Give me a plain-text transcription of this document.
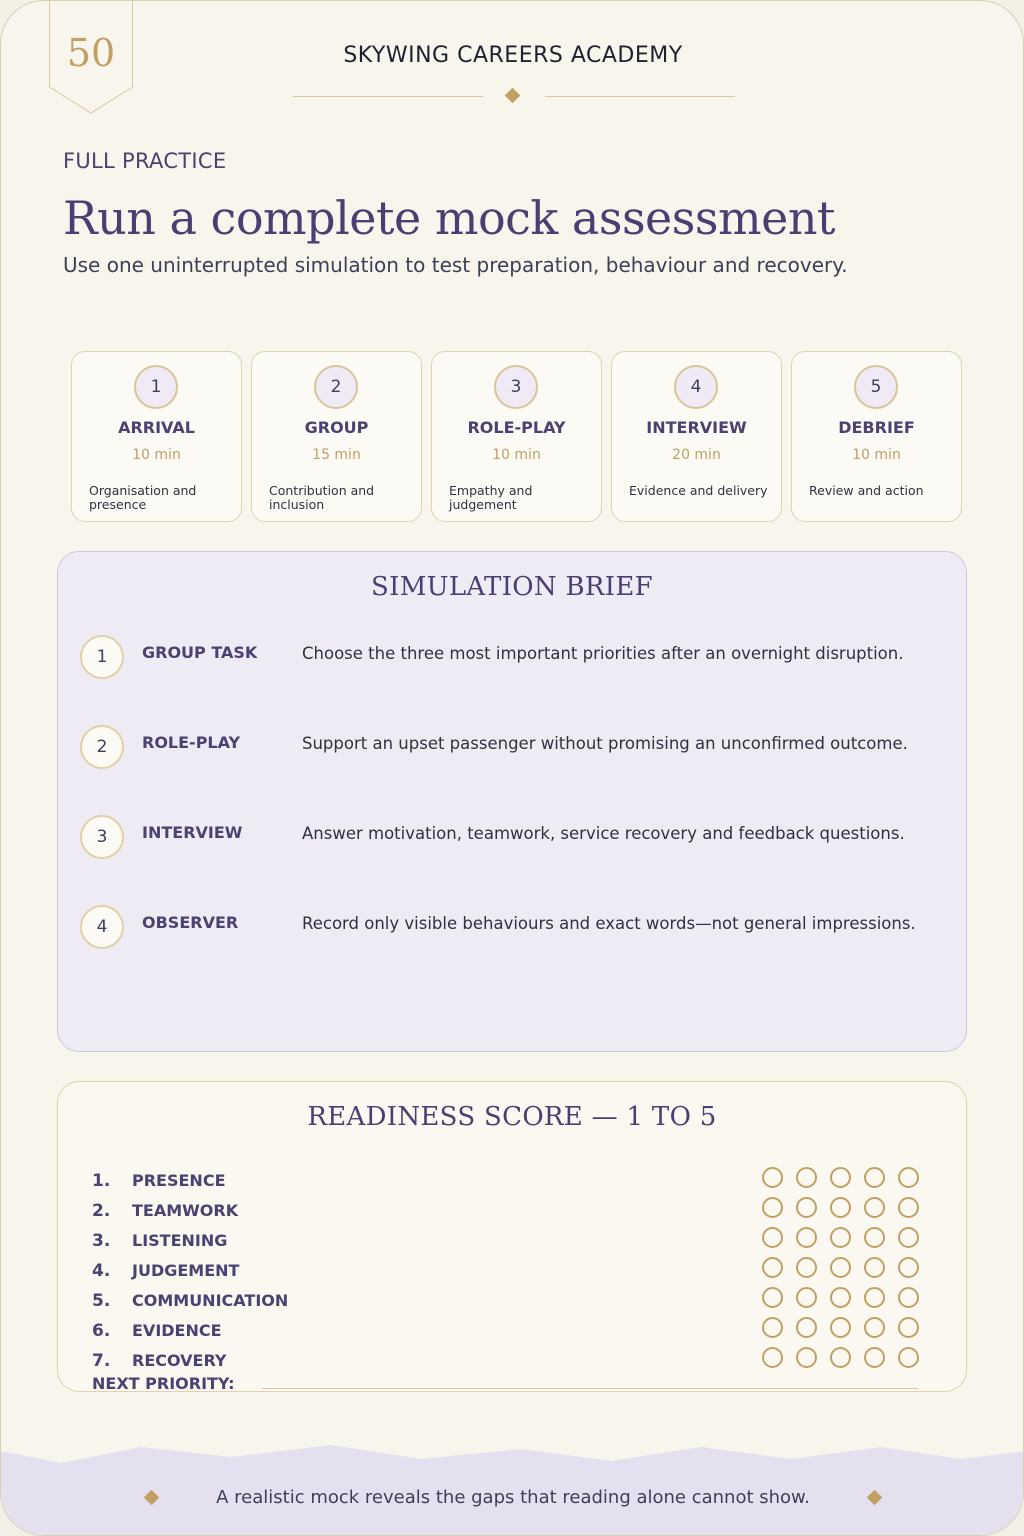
50	SKYWING CAREERS ACADEMY
FULL PRACTICE
Run a complete mock assessment
Use one uninterrupted simulation to test preparation, behaviour and recovery.
1
ARRIVAL
10 min
Organisation and presence
2
GROUP
15 min
Contribution and inclusion
3
ROLE-PLAY
10 min
Empathy and judgement
4
INTERVIEW
20 min
Evidence and delivery
5
DEBRIEF
10 min
Review and action
SIMULATION BRIEF
1	GROUP TASK	Choose the three most important priorities after an overnight disruption.
2	ROLE-PLAY	Support an upset passenger without promising an unconfirmed outcome.
3	INTERVIEW	Answer motivation, teamwork, service recovery and feedback questions.
4	OBSERVER	Record only visible behaviours and exact words—not general impressions.
READINESS SCORE — 1 TO 5
1. PRESENCE
2. TEAMWORK
3. LISTENING
4. JUDGEMENT
5. COMMUNICATION
6. EVIDENCE
7. RECOVERY
NEXT PRIORITY:
A realistic mock reveals the gaps that reading alone cannot show.
